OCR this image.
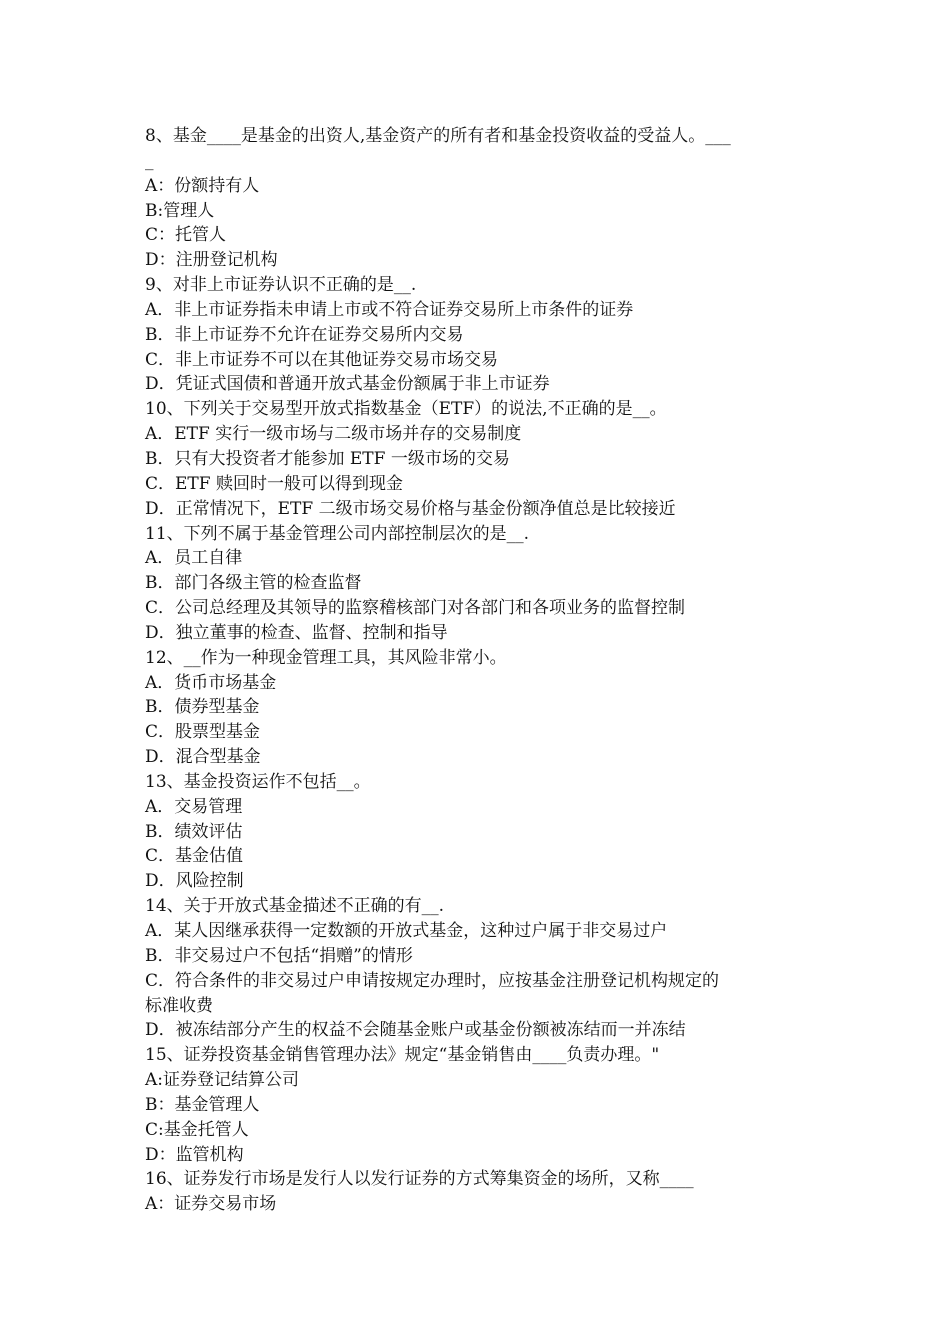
8、基金____是基金的出资人,基金资产的所有者和基金投资收益的受益人。___
_
A：份额持有人
B:管理人
C：托管人
D：注册登记机构
9、对非上市证券认识不正确的是__.
A．非上市证券指未申请上市或不符合证券交易所上市条件的证券
B．非上市证券不允许在证券交易所内交易
C．非上市证券不可以在其他证券交易市场交易
D．凭证式国债和普通开放式基金份额属于非上市证券
10、下列关于交易型开放式指数基金（ETF）的说法,不正确的是__。
A．ETF 实行一级市场与二级市场并存的交易制度
B．只有大投资者才能参加 ETF 一级市场的交易
C．ETF 赎回时一般可以得到现金
D．正常情况下，ETF 二级市场交易价格与基金份额净值总是比较接近
11、下列不属于基金管理公司内部控制层次的是__.
A．员工自律
B．部门各级主管的检查监督
C．公司总经理及其领导的监察稽核部门对各部门和各项业务的监督控制
D．独立董事的检查、监督、控制和指导
12、__作为一种现金管理工具，其风险非常小。
A．货币市场基金
B．债券型基金
C．股票型基金
D．混合型基金
13、基金投资运作不包括__。
A．交易管理
B．绩效评估
C．基金估值
D．风险控制
14、关于开放式基金描述不正确的有__.
A．某人因继承获得一定数额的开放式基金，这种过户属于非交易过户
B．非交易过户不包括“捐赠”的情形
C．符合条件的非交易过户申请按规定办理时，应按基金注册登记机构规定的
标准收费
D．被冻结部分产生的权益不会随基金账户或基金份额被冻结而一并冻结
15、证券投资基金销售管理办法》规定“基金销售由____负责办理。"
A:证券登记结算公司
B：基金管理人
C:基金托管人
D：监管机构
16、证券发行市场是发行人以发行证券的方式筹集资金的场所，又称____
A：证券交易市场
